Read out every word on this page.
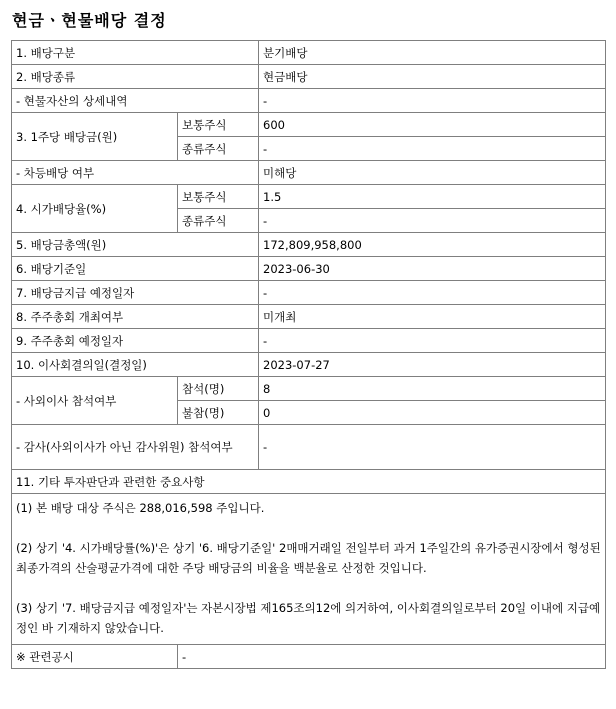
현금ㆍ현물배당 결정
1. 배당구분		분기배당
2. 배당종류		현금배당
- 현물자산의 상세내역		-
3. 1주당 배당금(원)	보통주식	600
	종류주식	-
- 차등배당 여부		미해당
4. 시가배당율(%)	보통주식	1.5
	종류주식	-
5. 배당금총액(원)		172,809,958,800
6. 배당기준일		2023-06-30
7. 배당금지급 예정일자		-
8. 주주총회 개최여부		미개최
9. 주주총회 예정일자		-
10. 이사회결의일(결정일)		2023-07-27
- 사외이사 참석여부	참석(명)	8
	불참(명)	0
- 감사(사외이사가 아닌 감사위원) 참석여부		-
11. 기타 투자판단과 관련한 중요사항		

(1) 본 배당 대상 주식은 288,016,598 주입니다.

(2) 상기 '4. 시가배당률(%)'은 상기 '6. 배당기준일' 2매매거래일 전일부터 과거 1주일간의 유가증권시장에서 형성된 최종가격의 산술평균가격에 대한 주당 배당금의 비율을 백분율로 산정한 것입니다.

(3) 상기 '7. 배당금지급 예정일자'는 자본시장법 제165조의12에 의거하여, 이사회결의일로부터 20일 이내에 지급예정인 바 기재하지 않았습니다.		

※ 관련공시	-	
